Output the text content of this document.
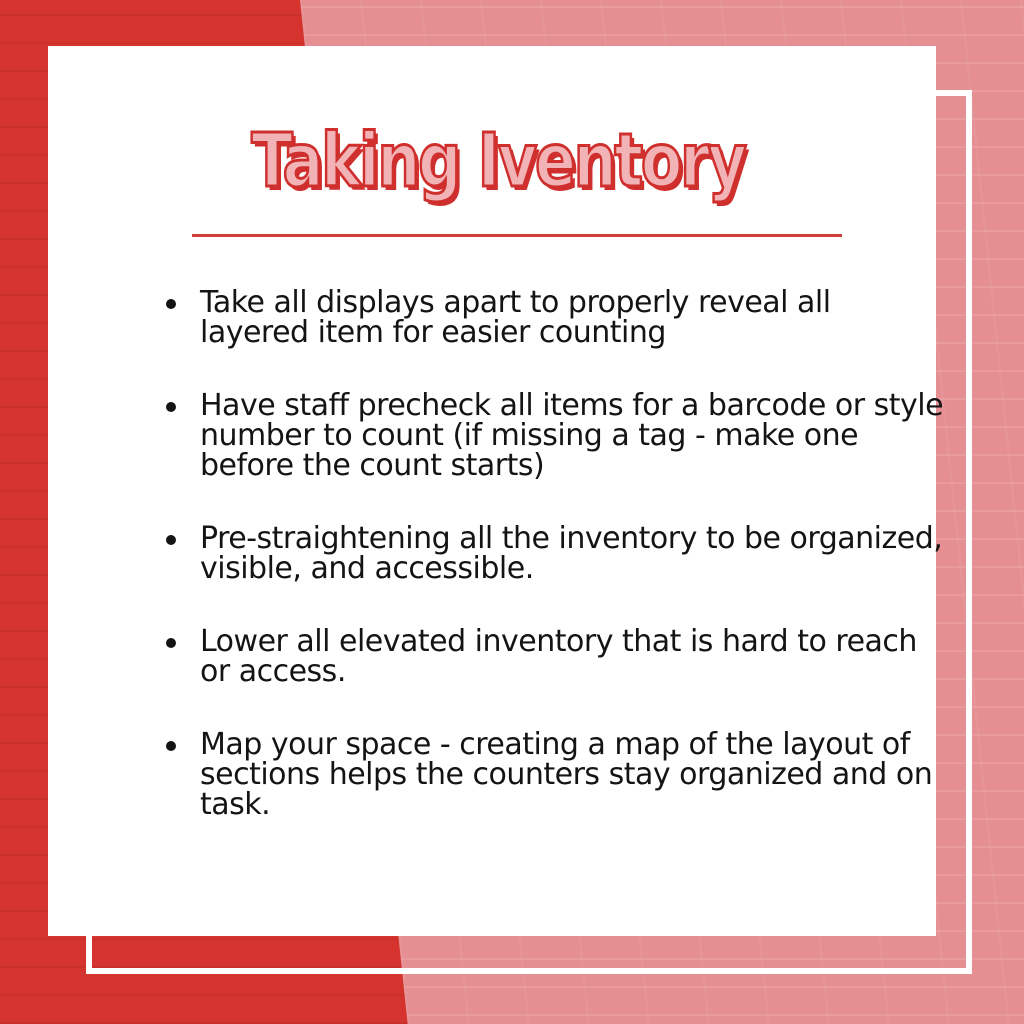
Taking Iventory
Take all displays apart to properly reveal all layered item for easier counting
Have staff precheck all items for a barcode or style number to count (if missing a tag - make one before the count starts)
Pre-straightening all the inventory to be organized, visible, and accessible.
Lower all elevated inventory that is hard to reach or access.
Map your space - creating a map of the layout of sections helps the counters stay organized and on task.
